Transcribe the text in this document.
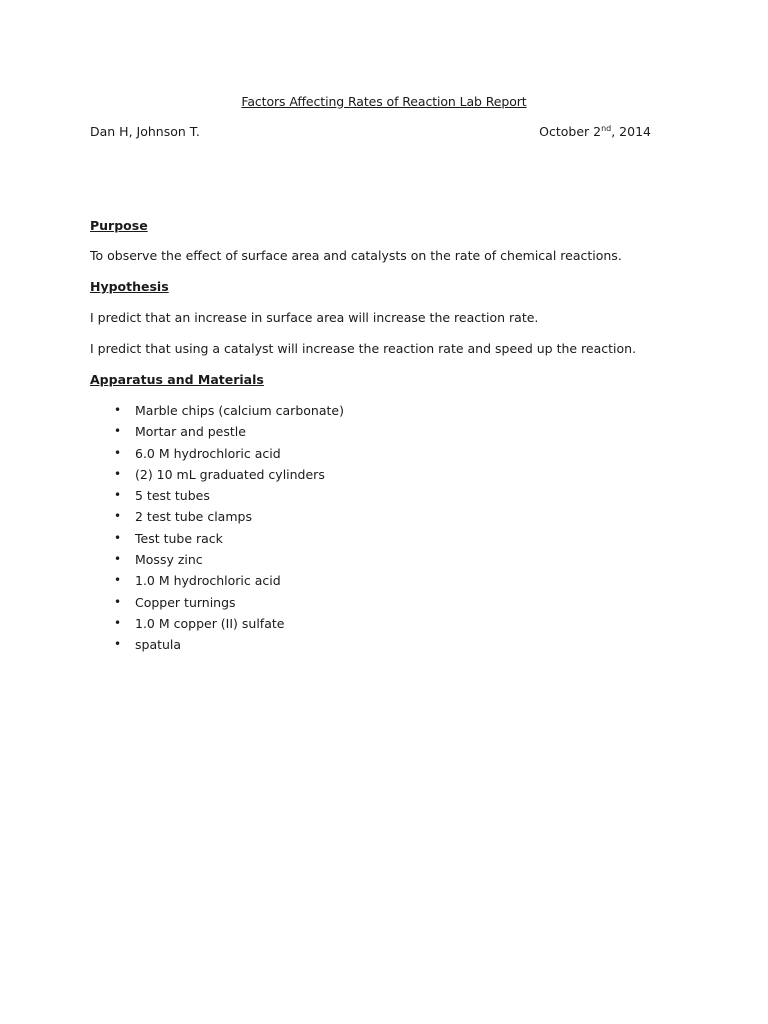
Factors Affecting Rates of Reaction Lab Report
Dan H, Johnson T.	October 2nd, 2014
Purpose
To observe the effect of surface area and catalysts on the rate of chemical reactions.
Hypothesis
I predict that an increase in surface area will increase the reaction rate.
I predict that using a catalyst will increase the reaction rate and speed up the reaction.
Apparatus and Materials
• Marble chips (calcium carbonate)
• Mortar and pestle
• 6.0 M hydrochloric acid
• (2) 10 mL graduated cylinders
• 5 test tubes
• 2 test tube clamps
• Test tube rack
• Mossy zinc
• 1.0 M hydrochloric acid
• Copper turnings
• 1.0 M copper (II) sulfate
• spatula
